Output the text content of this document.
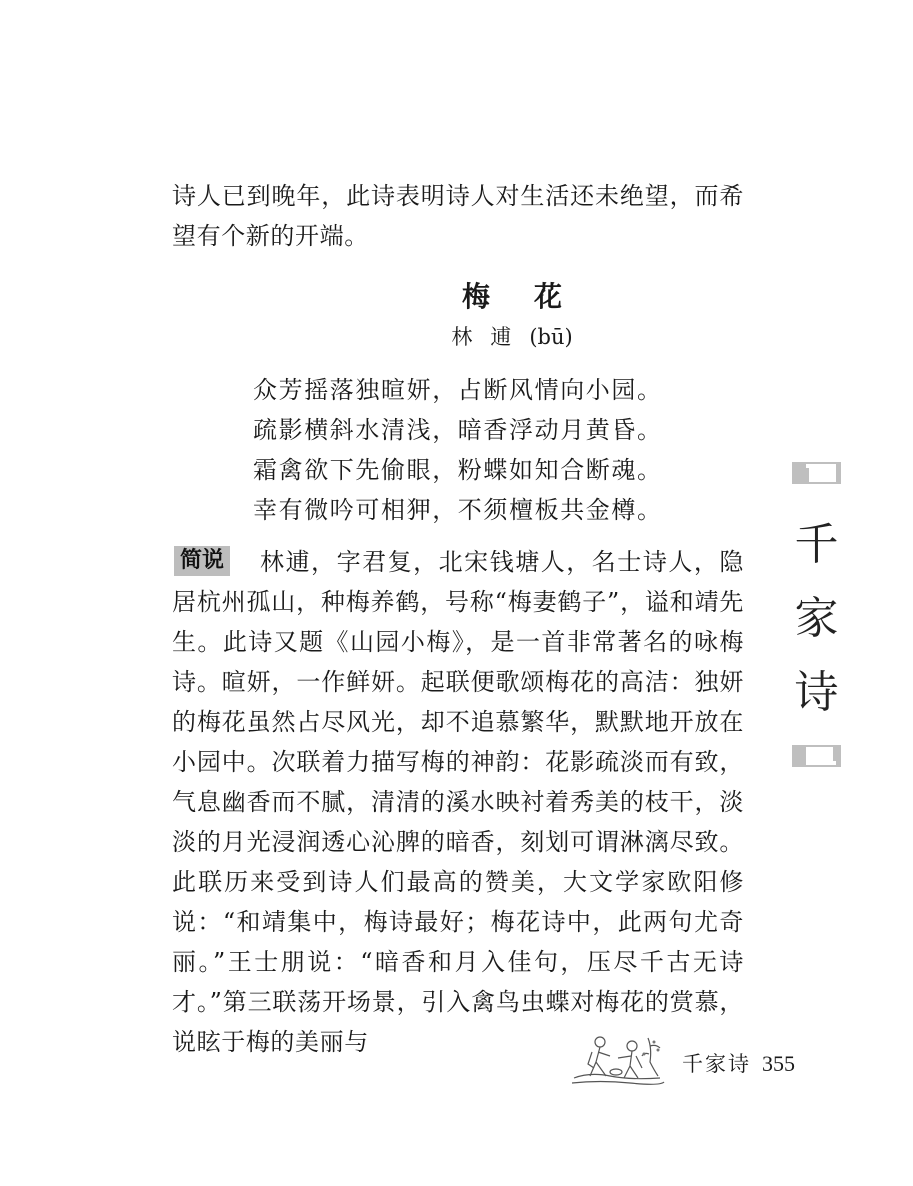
诗人已到晚年，此诗表明诗人对生活还未绝望，而希望有个新的开端。
梅花
林逋(bū)
众芳摇落独暄妍，占断风情向小园。
疏影横斜水清浅，暗香浮动月黄昏。
霜禽欲下先偷眼，粉蝶如知合断魂。
幸有微吟可相狎，不须檀板共金樽。
简说	林逋，字君复，北宋钱塘人，名士诗人，隐居杭州孤山，种梅养鹤，号称“梅妻鹤子”，谥和靖先生。此诗又题《山园小梅》，是一首非常著名的咏梅诗。暄妍，一作鲜妍。起联便歌颂梅花的高洁：独妍的梅花虽然占尽风光，却不追慕繁华，默默地开放在小园中。次联着力描写梅的神韵：花影疏淡而有致，气息幽香而不腻，清清的溪水映衬着秀美的枝干，淡淡的月光浸润透心沁脾的暗香，刻划可谓淋漓尽致。此联历来受到诗人们最高的赞美，大文学家欧阳修说：“和靖集中，梅诗最好；梅花诗中，此两句尤奇丽。”王士朋说：“暗香和月入佳句，压尽千古无诗才。”第三联荡开场景，引入禽鸟虫蝶对梅花的赏慕，说眩于梅的美丽与
千
家
诗
千家诗 355
